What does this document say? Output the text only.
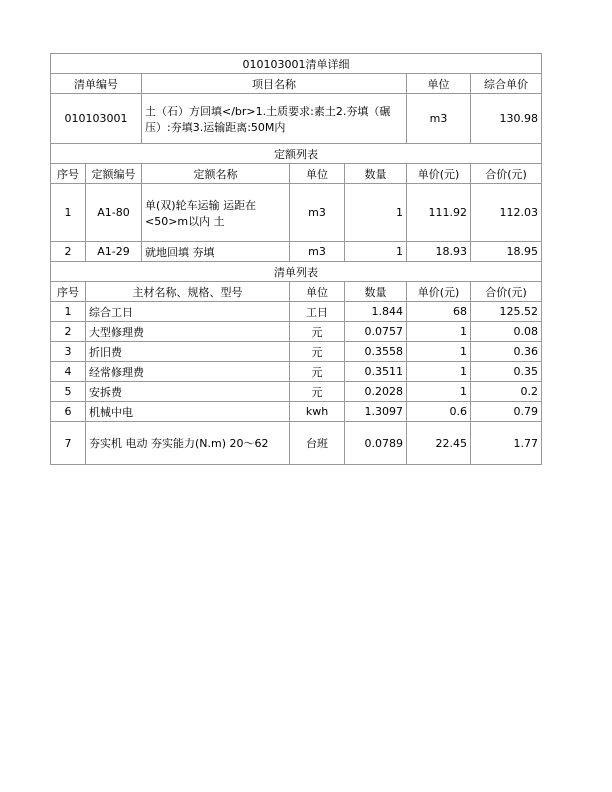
010103001清单详细						
清单编号		项目名称			单位	综合单价
010103001		土（石）方回填</br>1.土质要求:素土2.夯填（碾压）:夯填3.运输距离:50M内			m3	130.98
定额列表						
序号	定额编号	定额名称	单位	数量	单价(元)	合价(元)
1	A1-80	单(双)轮车运输 运距在<50>m以内 土	m3	1	111.92	112.03
2	A1-29	就地回填 夯填	m3	1	18.93	18.95
清单列表						
序号	主材名称、规格、型号		单位	数量	单价(元)	合价(元)
1	综合工日		工日	1.844	68	125.52
2	大型修理费		元	0.0757	1	0.08
3	折旧费		元	0.3558	1	0.36
4	经常修理费		元	0.3511	1	0.35
5	安拆费		元	0.2028	1	0.2
6	机械中电		kwh	1.3097	0.6	0.79
7	夯实机 电动 夯实能力(N.m) 20～62		台班	0.0789	22.45	1.77
